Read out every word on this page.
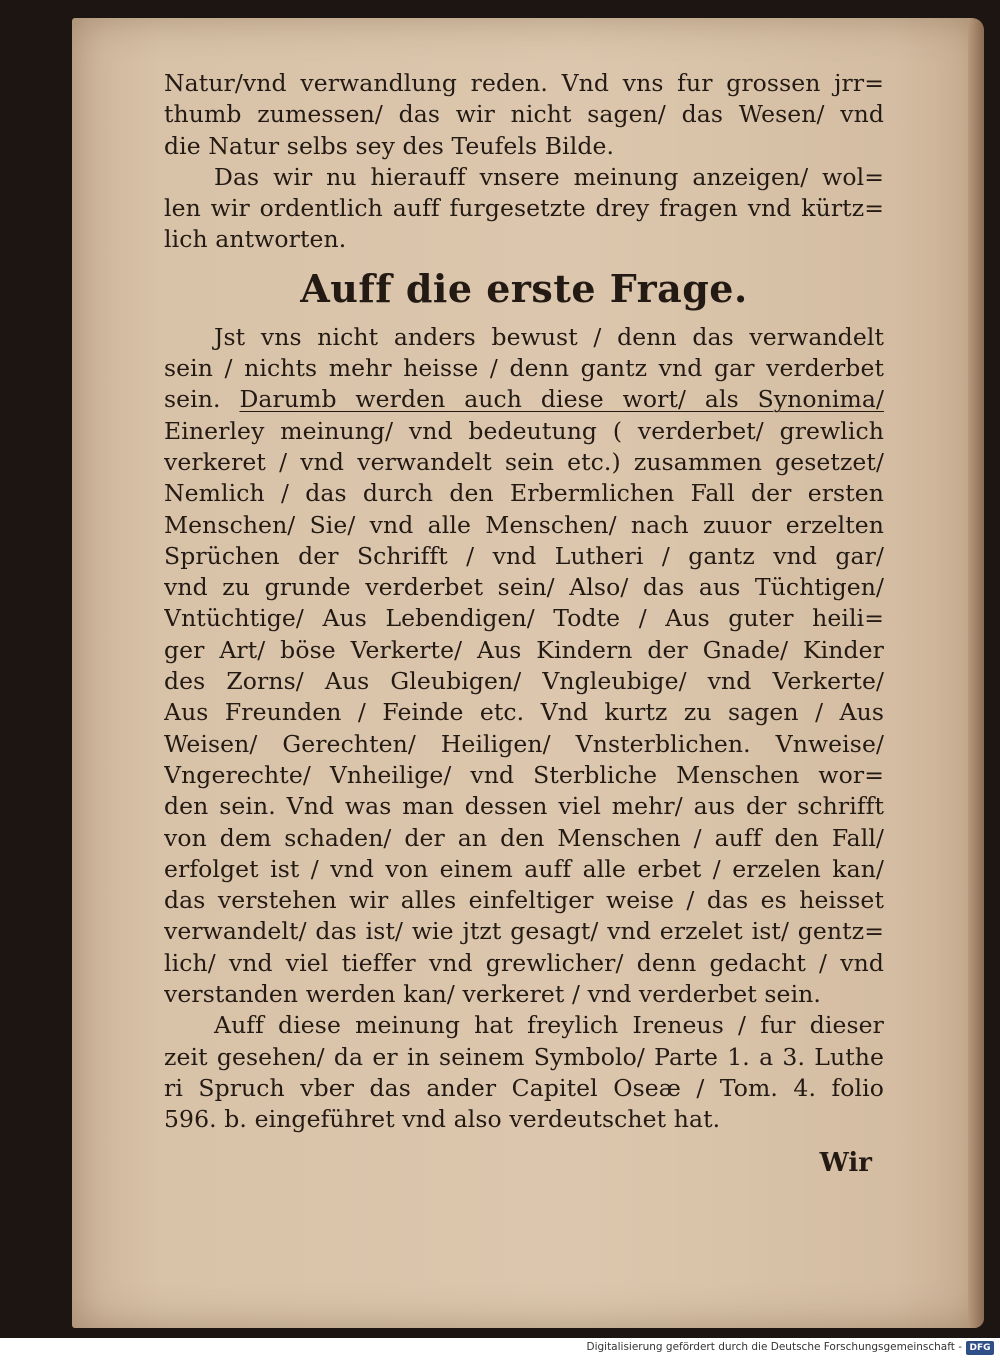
Natur/vnd verwandlung reden. Vnd vns fur grossen jrr=
thumb zumessen/ das wir nicht sagen/ das Wesen/ vnd
die Natur selbs sey des Teufels Bilde.
Das wir nu hierauff vnsere meinung anzeigen/ wol=
len wir ordentlich auff furgesetzte drey fragen vnd kürtz=
lich antworten.
Auff die erste Frage.
Jst vns nicht anders bewust / denn das verwandelt
sein / nichts mehr heisse / denn gantz vnd gar verderbet
sein. Darumb werden auch diese wort/ als Synonima/
Einerley meinung/ vnd bedeutung ( verderbet/ grewlich
verkeret / vnd verwandelt sein etc.) zusammen gesetzet/
Nemlich / das durch den Erbermlichen Fall der ersten
Menschen/ Sie/ vnd alle Menschen/ nach zuuor erzelten
Sprüchen der Schrifft / vnd Lutheri / gantz vnd gar/
vnd zu grunde verderbet sein/ Also/ das aus Tüchtigen/
Vntüchtige/ Aus Lebendigen/ Todte / Aus guter heili=
ger Art/ böse Verkerte/ Aus Kindern der Gnade/ Kinder
des Zorns/ Aus Gleubigen/ Vngleubige/ vnd Verkerte/
Aus Freunden / Feinde etc. Vnd kurtz zu sagen / Aus
Weisen/ Gerechten/ Heiligen/ Vnsterblichen. Vnweise/
Vngerechte/ Vnheilige/ vnd Sterbliche Menschen wor=
den sein. Vnd was man dessen viel mehr/ aus der schrifft
von dem schaden/ der an den Menschen / auff den Fall/
erfolget ist / vnd von einem auff alle erbet / erzelen kan/
das verstehen wir alles einfeltiger weise / das es heisset
verwandelt/ das ist/ wie jtzt gesagt/ vnd erzelet ist/ gentz=
lich/ vnd viel tieffer vnd grewlicher/ denn gedacht / vnd
verstanden werden kan/ verkeret / vnd verderbet sein.
Auff diese meinung hat freylich Ireneus / fur dieser
zeit gesehen/ da er in seinem Symbolo/ Parte 1. a 3. Luthe
ri Spruch vber das ander Capitel Oseæ / Tom. 4. folio
596. b. eingeführet vnd also verdeutschet hat.
Wir
Digitalisierung gefördert durch die Deutsche Forschungsgemeinschaft - DFG
